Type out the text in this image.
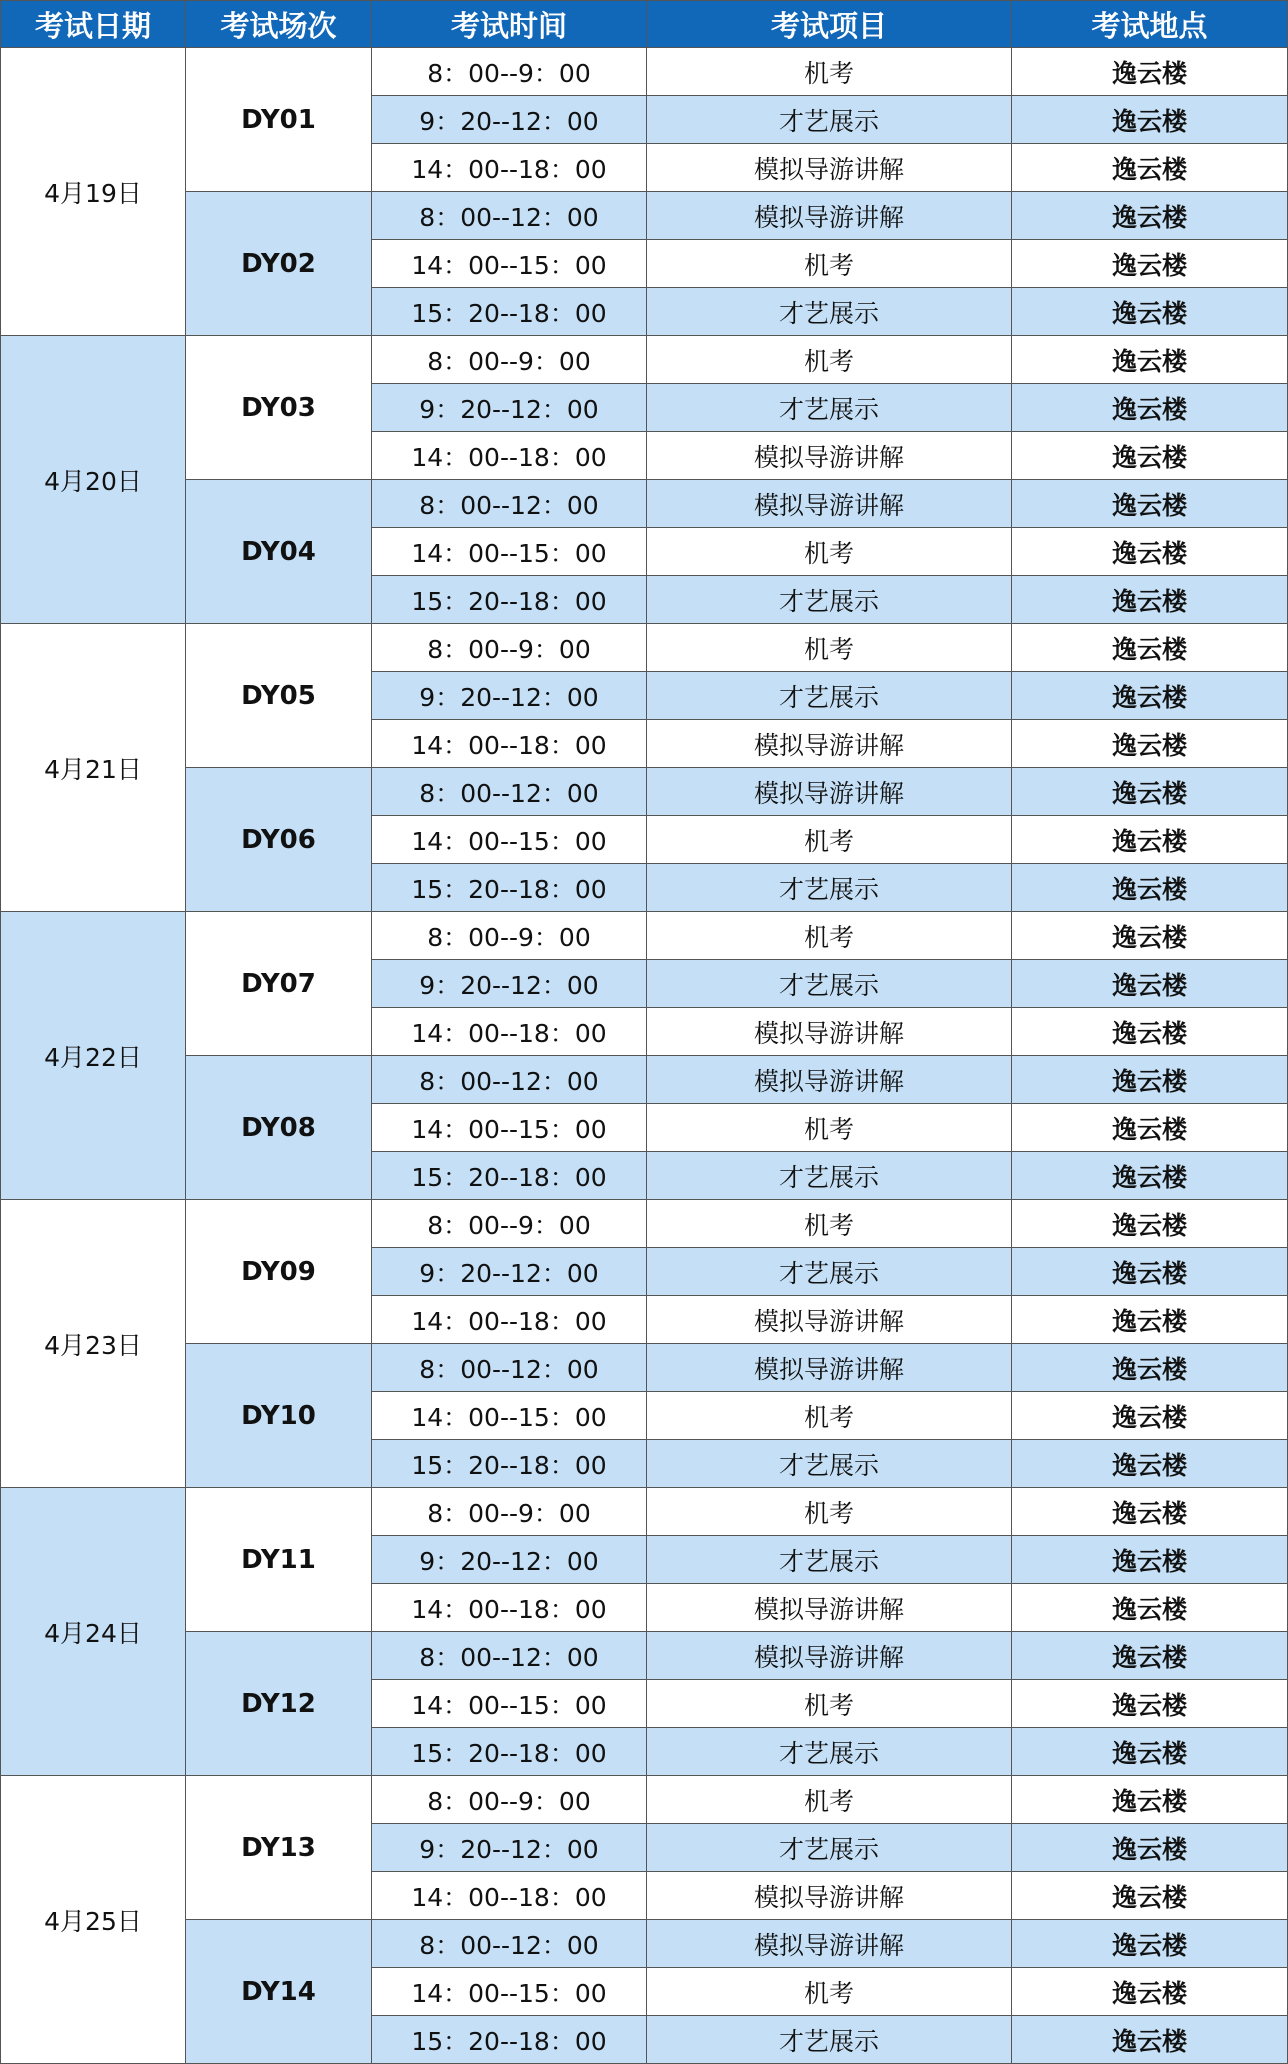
考试日期	考试场次	考试时间	考试项目	考试地点
4月19日	DY01	8：00--9：00	机考	逸云楼
		9：20--12：00	才艺展示	逸云楼
		14：00--18：00	模拟导游讲解	逸云楼
	DY02	8：00--12：00	模拟导游讲解	逸云楼
		14：00--15：00	机考	逸云楼
		15：20--18：00	才艺展示	逸云楼
4月20日	DY03	8：00--9：00	机考	逸云楼
		9：20--12：00	才艺展示	逸云楼
		14：00--18：00	模拟导游讲解	逸云楼
	DY04	8：00--12：00	模拟导游讲解	逸云楼
		14：00--15：00	机考	逸云楼
		15：20--18：00	才艺展示	逸云楼
4月21日	DY05	8：00--9：00	机考	逸云楼
		9：20--12：00	才艺展示	逸云楼
		14：00--18：00	模拟导游讲解	逸云楼
	DY06	8：00--12：00	模拟导游讲解	逸云楼
		14：00--15：00	机考	逸云楼
		15：20--18：00	才艺展示	逸云楼
4月22日	DY07	8：00--9：00	机考	逸云楼
		9：20--12：00	才艺展示	逸云楼
		14：00--18：00	模拟导游讲解	逸云楼
	DY08	8：00--12：00	模拟导游讲解	逸云楼
		14：00--15：00	机考	逸云楼
		15：20--18：00	才艺展示	逸云楼
4月23日	DY09	8：00--9：00	机考	逸云楼
		9：20--12：00	才艺展示	逸云楼
		14：00--18：00	模拟导游讲解	逸云楼
	DY10	8：00--12：00	模拟导游讲解	逸云楼
		14：00--15：00	机考	逸云楼
		15：20--18：00	才艺展示	逸云楼
4月24日	DY11	8：00--9：00	机考	逸云楼
		9：20--12：00	才艺展示	逸云楼
		14：00--18：00	模拟导游讲解	逸云楼
	DY12	8：00--12：00	模拟导游讲解	逸云楼
		14：00--15：00	机考	逸云楼
		15：20--18：00	才艺展示	逸云楼
4月25日	DY13	8：00--9：00	机考	逸云楼
		9：20--12：00	才艺展示	逸云楼
		14：00--18：00	模拟导游讲解	逸云楼
	DY14	8：00--12：00	模拟导游讲解	逸云楼
		14：00--15：00	机考	逸云楼
		15：20--18：00	才艺展示	逸云楼
